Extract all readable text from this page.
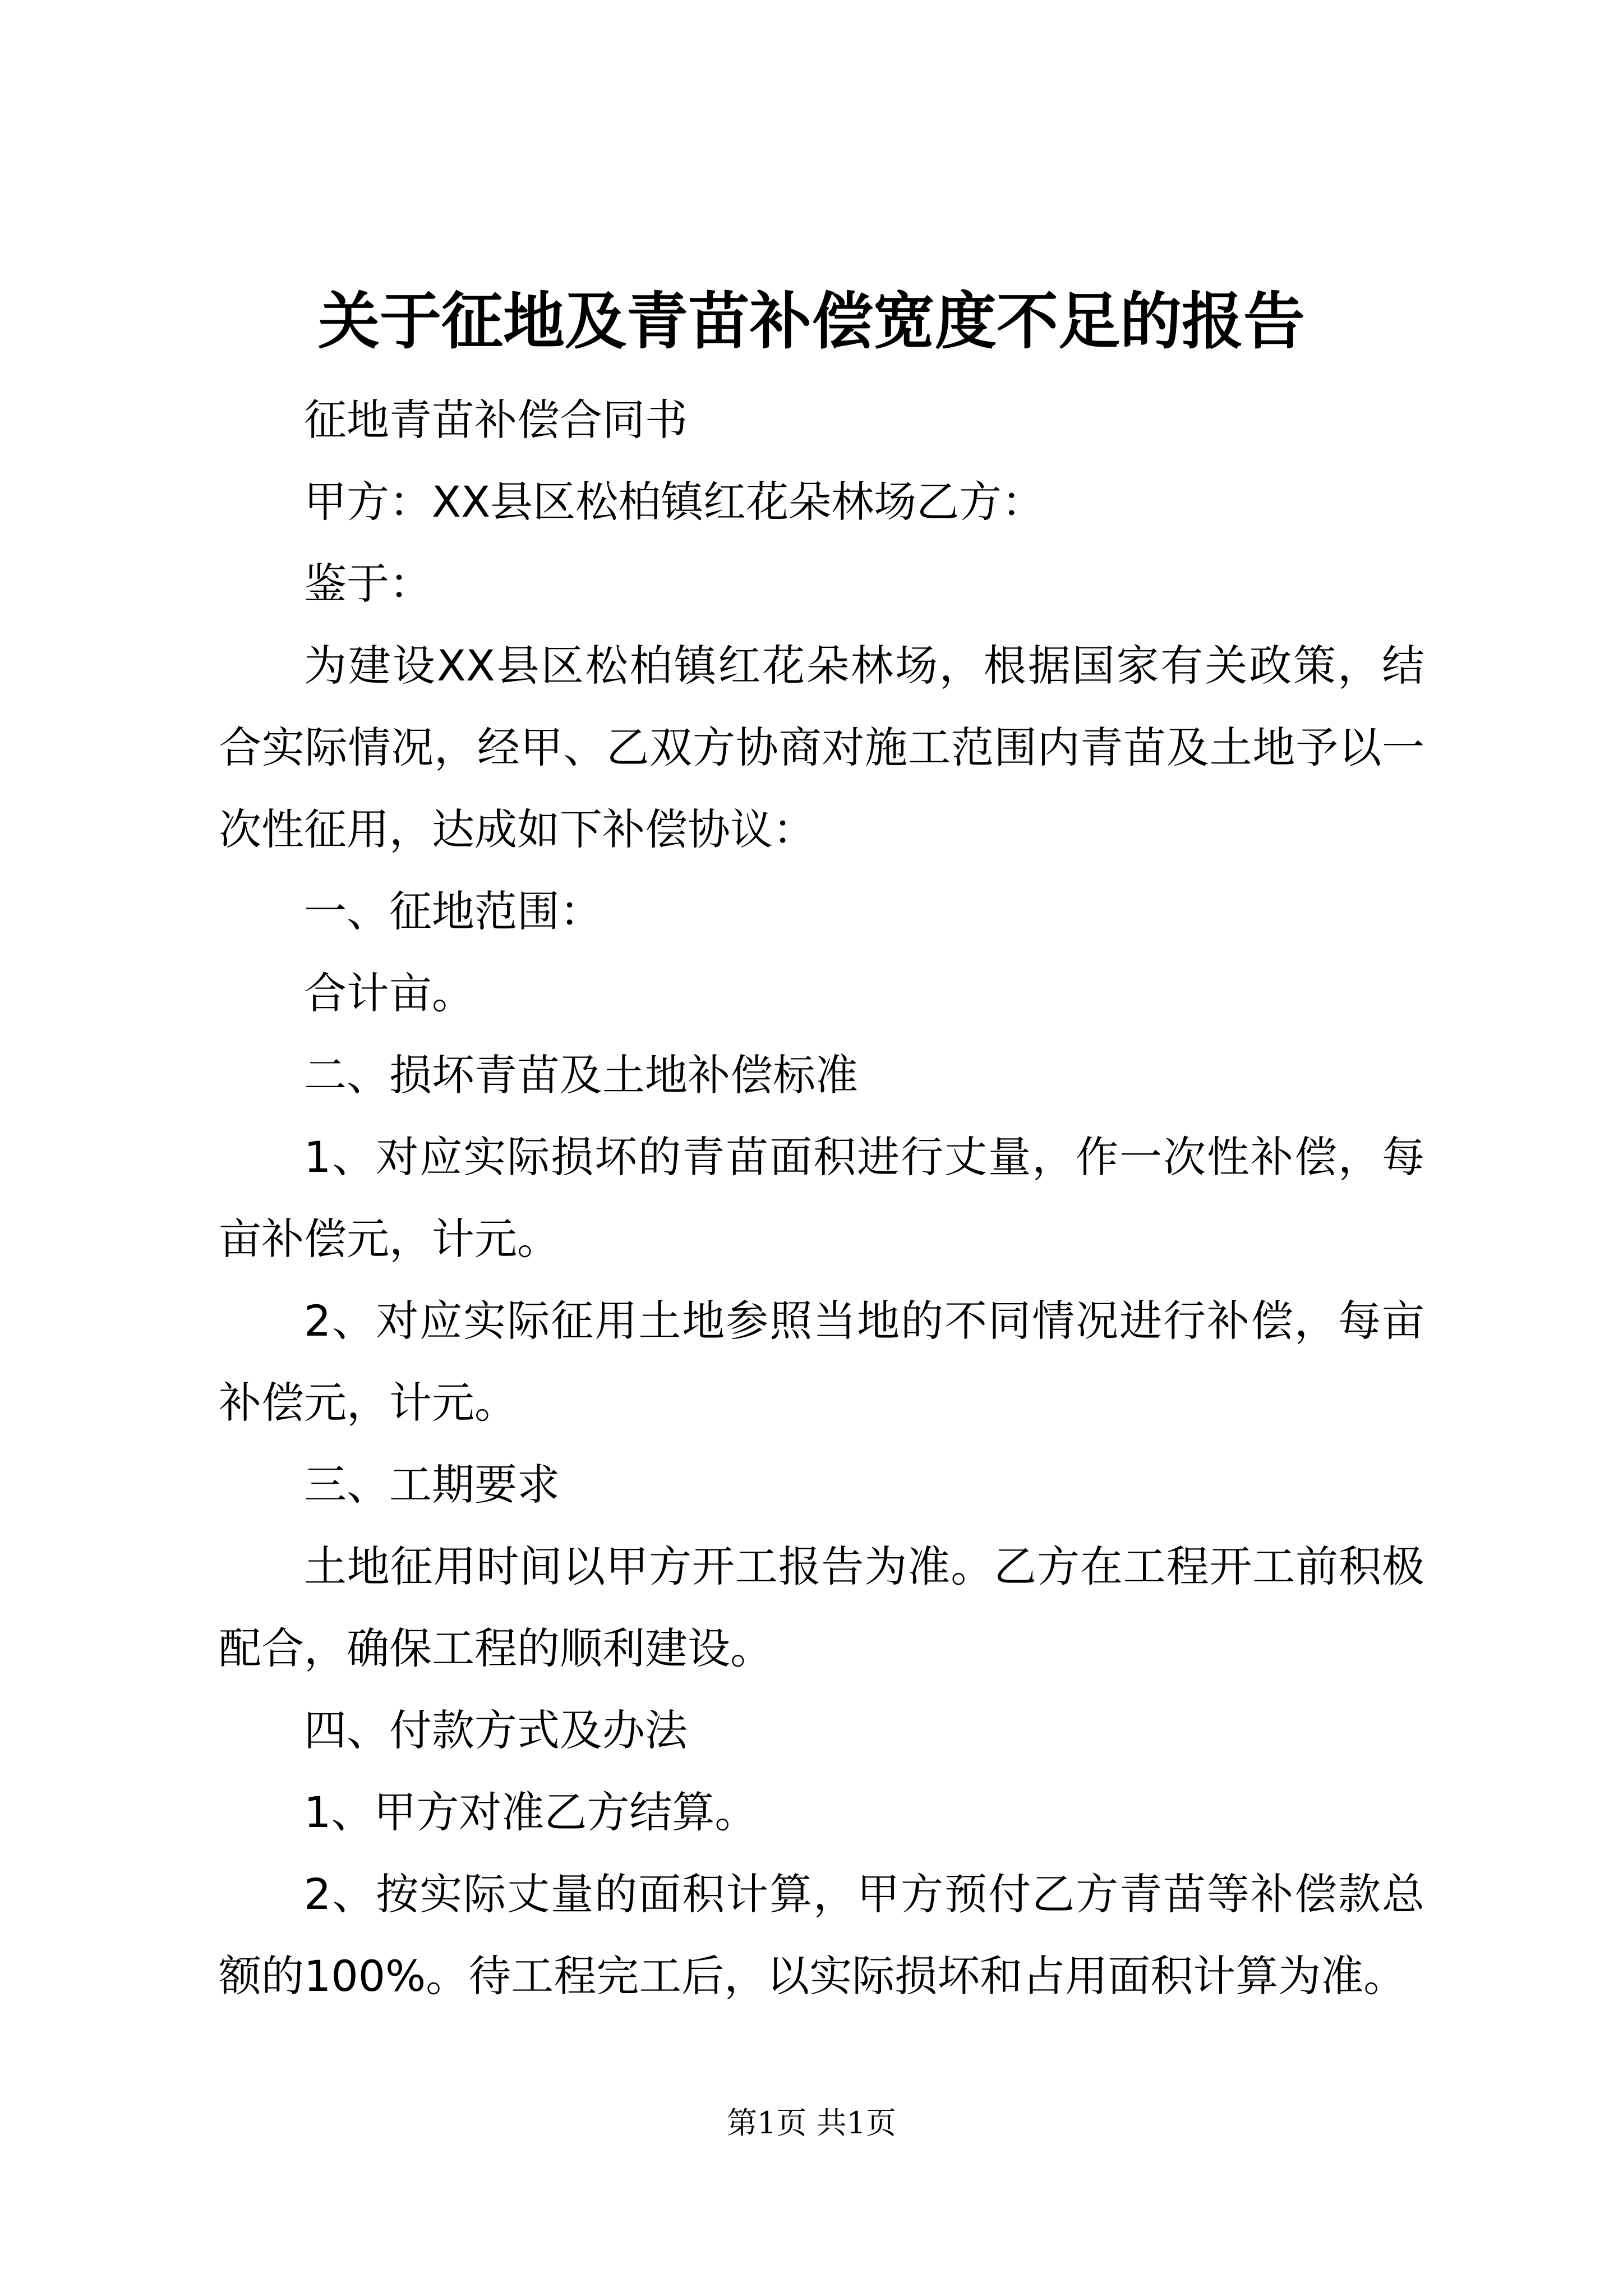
关于征地及青苗补偿宽度不足的报告

征地青苗补偿合同书

甲方：XX县区松柏镇红花朵林场乙方：

鉴于：

为建设XX县区松柏镇红花朵林场，根据国家有关政策，结合实际情况，经甲、乙双方协商对施工范围内青苗及土地予以一次性征用，达成如下补偿协议：

一、征地范围：

合计亩。

二、损坏青苗及土地补偿标准

1、对应实际损坏的青苗面积进行丈量，作一次性补偿，每亩补偿元，计元。

2、对应实际征用土地参照当地的不同情况进行补偿，每亩补偿元，计元。

三、工期要求

土地征用时间以甲方开工报告为准。乙方在工程开工前积极配合，确保工程的顺利建设。

四、付款方式及办法

1、甲方对准乙方结算。

2、按实际丈量的面积计算，甲方预付乙方青苗等补偿款总额的100%。待工程完工后，以实际损坏和占用面积计算为准。

第1页 共1页
